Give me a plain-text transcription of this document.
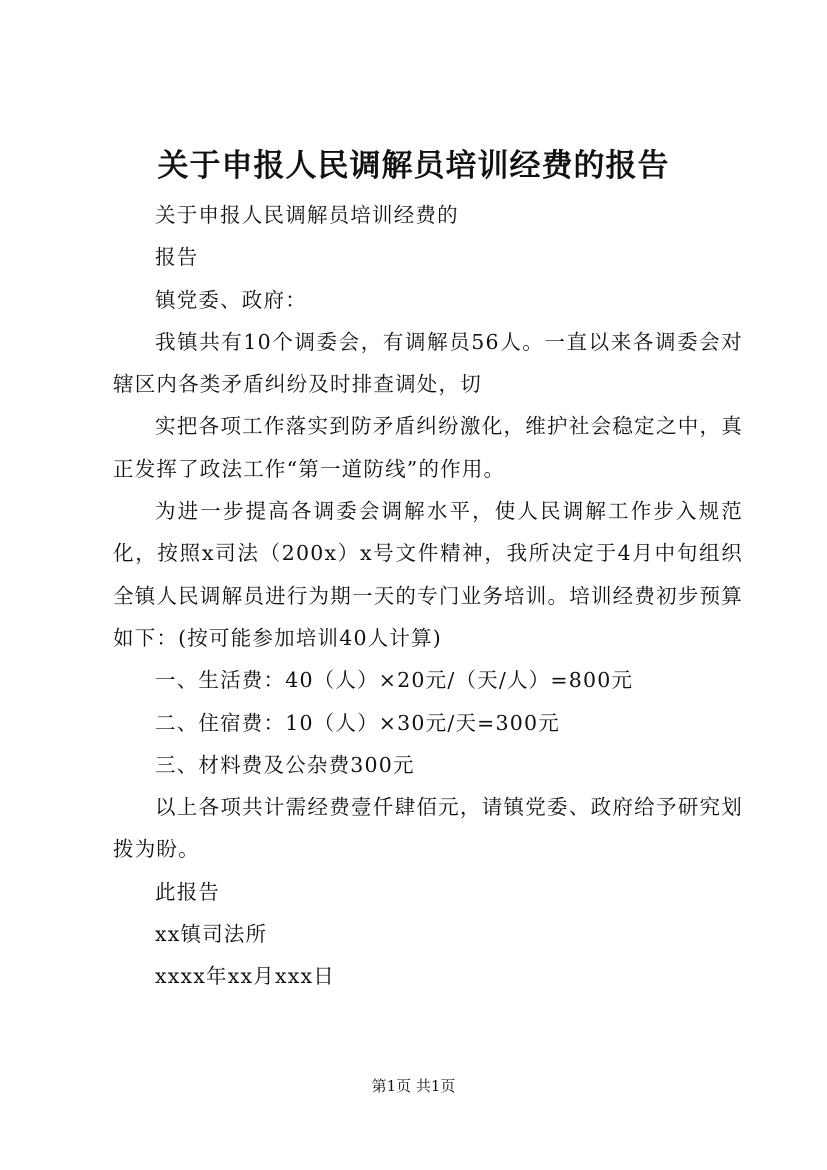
关于申报人民调解员培训经费的报告

关于申报人民调解员培训经费的

报告

镇党委、政府：

我镇共有10个调委会，有调解员56人。一直以来各调委会对辖区内各类矛盾纠纷及时排查调处，切

实把各项工作落实到防矛盾纠纷激化，维护社会稳定之中，真正发挥了政法工作“第一道防线”的作用。

为进一步提高各调委会调解水平，使人民调解工作步入规范化，按照x司法（200x）x号文件精神，我所决定于4月中旬组织全镇人民调解员进行为期一天的专门业务培训。培训经费初步预算如下：(按可能参加培训40人计算)

一、生活费：40（人）×20元/（天/人）=800元

二、住宿费：10（人）×30元/天=300元

三、材料费及公杂费300元

以上各项共计需经费壹仟肆佰元，请镇党委、政府给予研究划拨为盼。

此报告

xx镇司法所

xxxx年xx月xxx日

第1页 共1页
